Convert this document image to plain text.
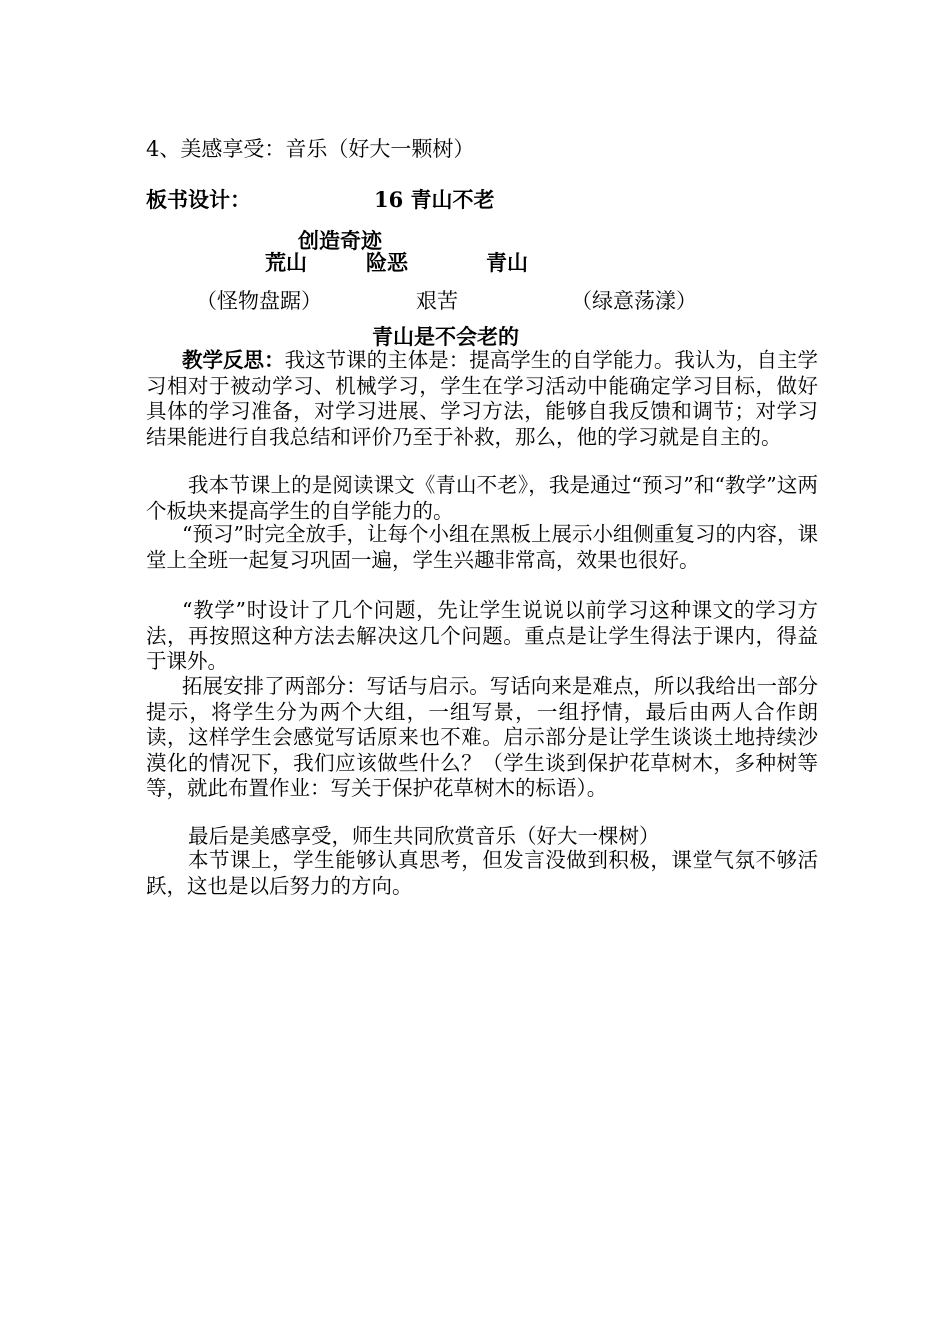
4、美感享受：音乐（好大一颗树）
板书设计：	16 青山不老
创造奇迹
荒山	险恶	青山
（怪物盘踞）	艰苦	（绿意荡漾）
青山是不会老的
教学反思：我这节课的主体是：提高学生的自学能力。我认为，自主学习相对于被动学习、机械学习，学生在学习活动中能确定学习目标，做好具体的学习准备，对学习进展、学习方法，能够自我反馈和调节；对学习结果能进行自我总结和评价乃至于补救，那么，他的学习就是自主的。
我本节课上的是阅读课文《青山不老》，我是通过“预习”和“教学”这两个板块来提高学生的自学能力的。
“预习”时完全放手，让每个小组在黑板上展示小组侧重复习的内容，课堂上全班一起复习巩固一遍，学生兴趣非常高，效果也很好。
“教学”时设计了几个问题，先让学生说说以前学习这种课文的学习方法，再按照这种方法去解决这几个问题。重点是让学生得法于课内，得益于课外。
拓展安排了两部分：写话与启示。写话向来是难点，所以我给出一部分提示，将学生分为两个大组，一组写景，一组抒情，最后由两人合作朗读，这样学生会感觉写话原来也不难。启示部分是让学生谈谈土地持续沙漠化的情况下，我们应该做些什么？（学生谈到保护花草树木，多种树等等，就此布置作业：写关于保护花草树木的标语）。
最后是美感享受，师生共同欣赏音乐（好大一棵树）
本节课上，学生能够认真思考，但发言没做到积极，课堂气氛不够活跃，这也是以后努力的方向。
